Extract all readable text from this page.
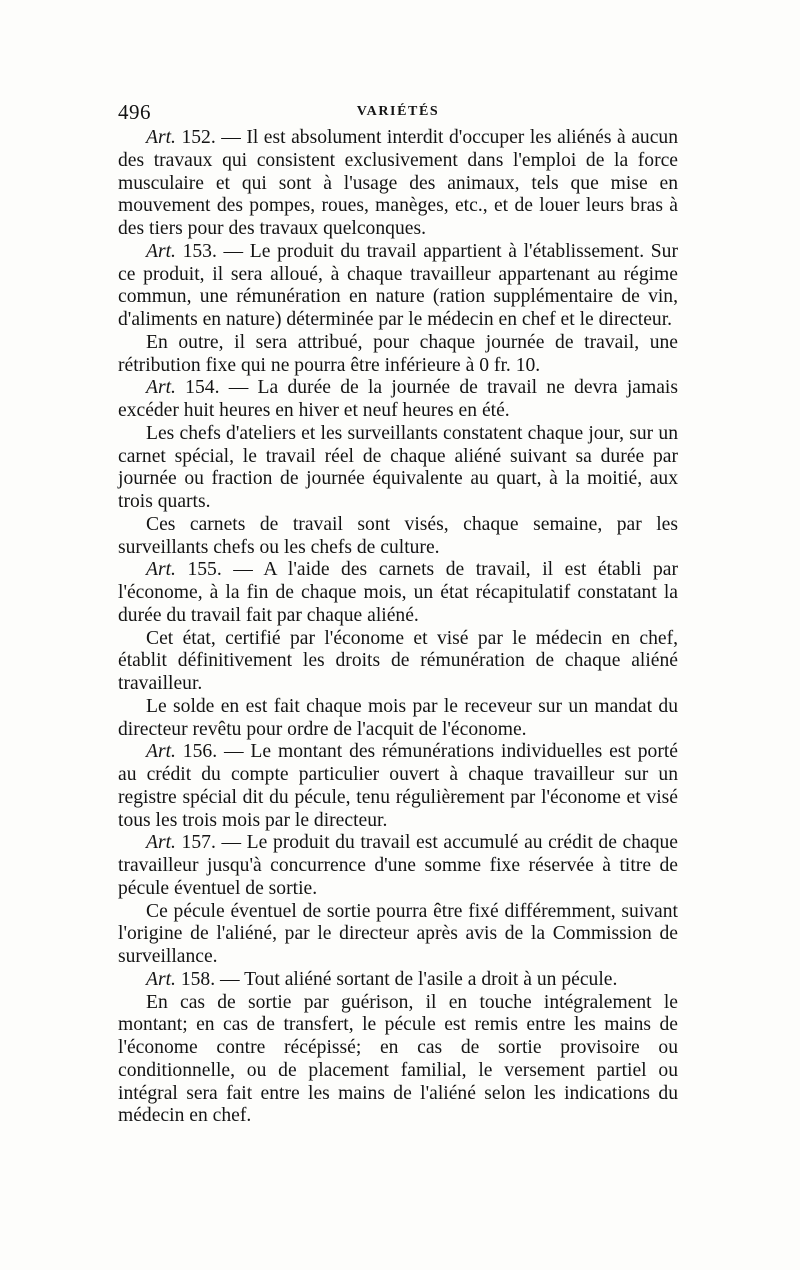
496	VARIÉTÉS

Art. 152. — Il est absolument interdit d'occuper les aliénés à aucun des travaux qui consistent exclusivement dans l'emploi de la force musculaire et qui sont à l'usage des animaux, tels que mise en mouvement des pompes, roues, manèges, etc., et de louer leurs bras à des tiers pour des travaux quelconques.

Art. 153. — Le produit du travail appartient à l'établissement. Sur ce produit, il sera alloué, à chaque travailleur appartenant au régime commun, une rémunération en nature (ration supplémentaire de vin, d'aliments en nature) déterminée par le médecin en chef et le directeur.

En outre, il sera attribué, pour chaque journée de travail, une rétribution fixe qui ne pourra être inférieure à 0 fr. 10.

Art. 154. — La durée de la journée de travail ne devra jamais excéder huit heures en hiver et neuf heures en été.

Les chefs d'ateliers et les surveillants constatent chaque jour, sur un carnet spécial, le travail réel de chaque aliéné suivant sa durée par journée ou fraction de journée équivalente au quart, à la moitié, aux trois quarts.

Ces carnets de travail sont visés, chaque semaine, par les surveillants chefs ou les chefs de culture.

Art. 155. — A l'aide des carnets de travail, il est établi par l'économe, à la fin de chaque mois, un état récapitulatif constatant la durée du travail fait par chaque aliéné.

Cet état, certifié par l'économe et visé par le médecin en chef, établit définitivement les droits de rémunération de chaque aliéné travailleur.

Le solde en est fait chaque mois par le receveur sur un mandat du directeur revêtu pour ordre de l'acquit de l'économe.

Art. 156. — Le montant des rémunérations individuelles est porté au crédit du compte particulier ouvert à chaque travailleur sur un registre spécial dit du pécule, tenu régulièrement par l'économe et visé tous les trois mois par le directeur.

Art. 157. — Le produit du travail est accumulé au crédit de chaque travailleur jusqu'à concurrence d'une somme fixe réservée à titre de pécule éventuel de sortie.

Ce pécule éventuel de sortie pourra être fixé différemment, suivant l'origine de l'aliéné, par le directeur après avis de la Commission de surveillance.

Art. 158. — Tout aliéné sortant de l'asile a droit à un pécule.

En cas de sortie par guérison, il en touche intégralement le montant; en cas de transfert, le pécule est remis entre les mains de l'économe contre récépissé; en cas de sortie provisoire ou conditionnelle, ou de placement familial, le versement partiel ou intégral sera fait entre les mains de l'aliéné selon les indications du médecin en chef.
